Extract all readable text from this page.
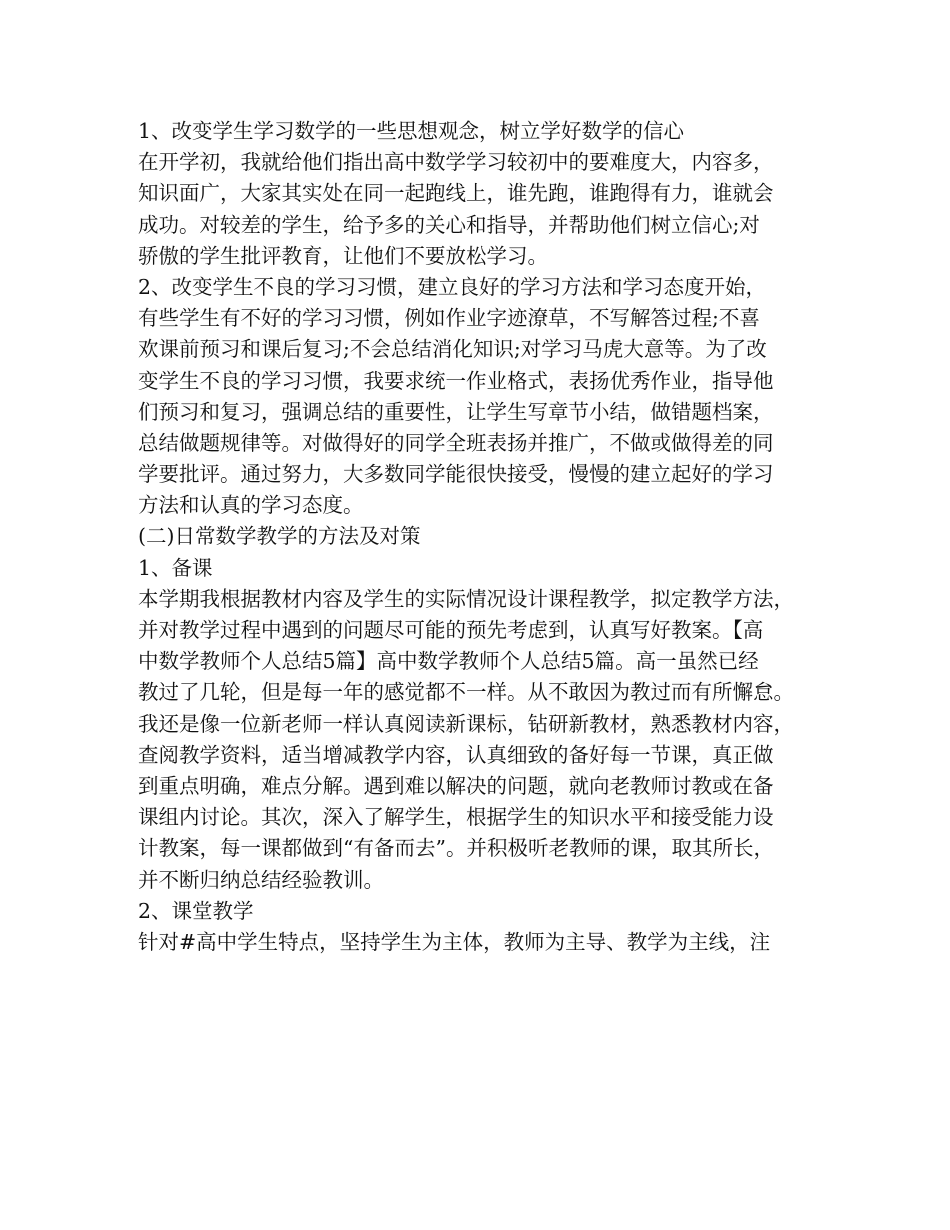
1、改变学生学习数学的一些思想观念，树立学好数学的信心
在开学初，我就给他们指出高中数学学习较初中的要难度大，内容多，
知识面广，大家其实处在同一起跑线上，谁先跑，谁跑得有力，谁就会
成功。对较差的学生，给予多的关心和指导，并帮助他们树立信心;对
骄傲的学生批评教育，让他们不要放松学习。
2、改变学生不良的学习习惯，建立良好的学习方法和学习态度开始，
有些学生有不好的学习习惯，例如作业字迹潦草，不写解答过程;不喜
欢课前预习和课后复习;不会总结消化知识;对学习马虎大意等。为了改
变学生不良的学习习惯，我要求统一作业格式，表扬优秀作业，指导他
们预习和复习，强调总结的重要性，让学生写章节小结，做错题档案，
总结做题规律等。对做得好的同学全班表扬并推广，不做或做得差的同
学要批评。通过努力，大多数同学能很快接受，慢慢的建立起好的学习
方法和认真的学习态度。
(二)日常数学教学的方法及对策
1、备课
本学期我根据教材内容及学生的实际情况设计课程教学，拟定教学方法，
并对教学过程中遇到的问题尽可能的预先考虑到，认真写好教案。【高
中数学教师个人总结5篇】高中数学教师个人总结5篇。高一虽然已经
教过了几轮，但是每一年的感觉都不一样。从不敢因为教过而有所懈怠。
我还是像一位新老师一样认真阅读新课标，钻研新教材，熟悉教材内容，
查阅教学资料，适当增减教学内容，认真细致的备好每一节课，真正做
到重点明确，难点分解。遇到难以解决的问题，就向老教师讨教或在备
课组内讨论。其次，深入了解学生，根据学生的知识水平和接受能力设
计教案，每一课都做到“有备而去”。并积极听老教师的课，取其所长，
并不断归纳总结经验教训。
2、课堂教学
针对#高中学生特点，坚持学生为主体，教师为主导、教学为主线，注
